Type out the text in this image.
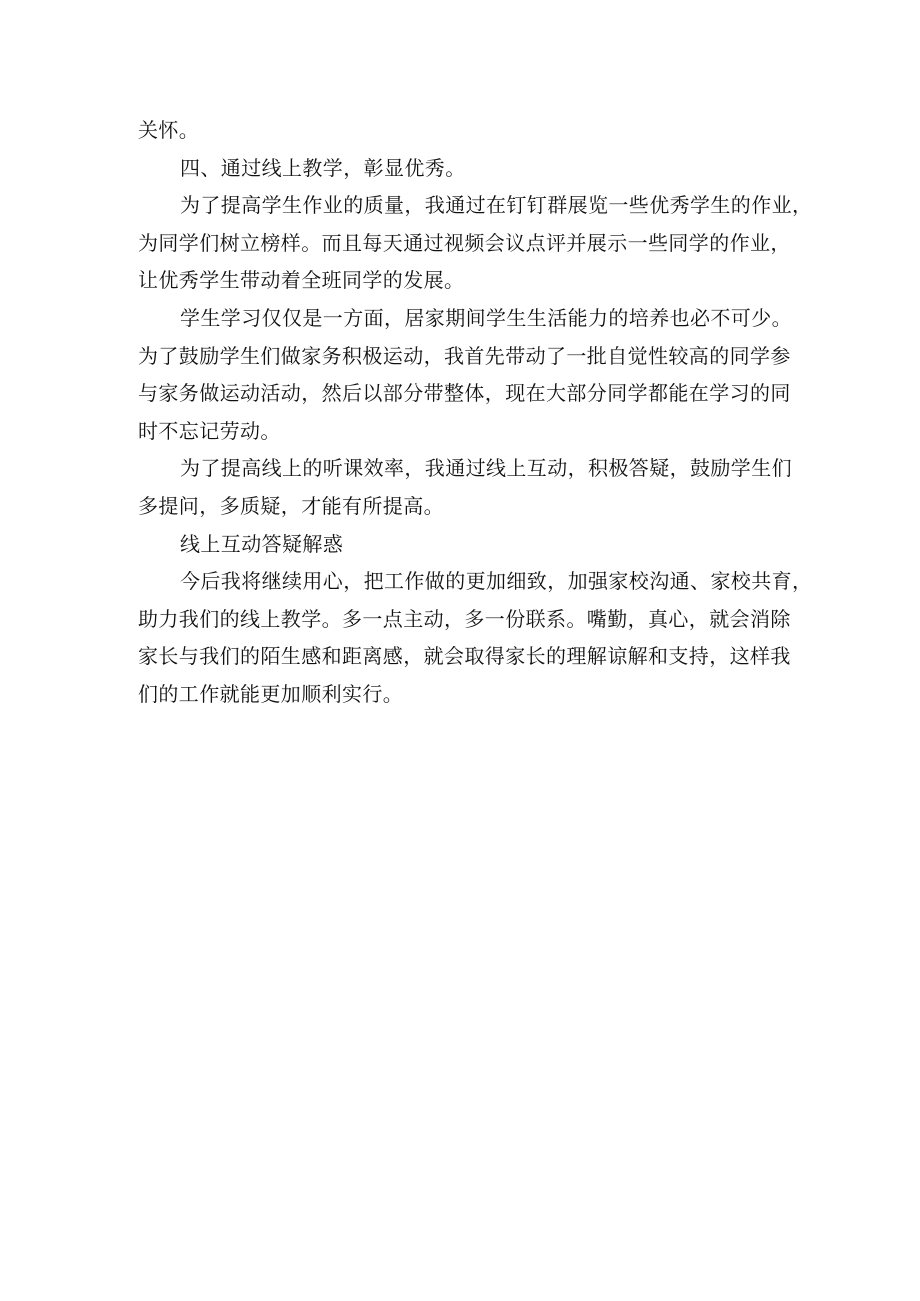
关怀。

四、通过线上教学，彰显优秀。

为了提高学生作业的质量，我通过在钉钉群展览一些优秀学生的作业，

为同学们树立榜样。而且每天通过视频会议点评并展示一些同学的作业，

让优秀学生带动着全班同学的发展。

学生学习仅仅是一方面，居家期间学生生活能力的培养也必不可少。

为了鼓励学生们做家务积极运动，我首先带动了一批自觉性较高的同学参

与家务做运动活动，然后以部分带整体，现在大部分同学都能在学习的同

时不忘记劳动。

为了提高线上的听课效率，我通过线上互动，积极答疑，鼓励学生们

多提问，多质疑，才能有所提高。

线上互动答疑解惑

今后我将继续用心，把工作做的更加细致，加强家校沟通、家校共育，

助力我们的线上教学。多一点主动，多一份联系。嘴勤，真心，就会消除

家长与我们的陌生感和距离感，就会取得家长的理解谅解和支持，这样我

们的工作就能更加顺利实行。
